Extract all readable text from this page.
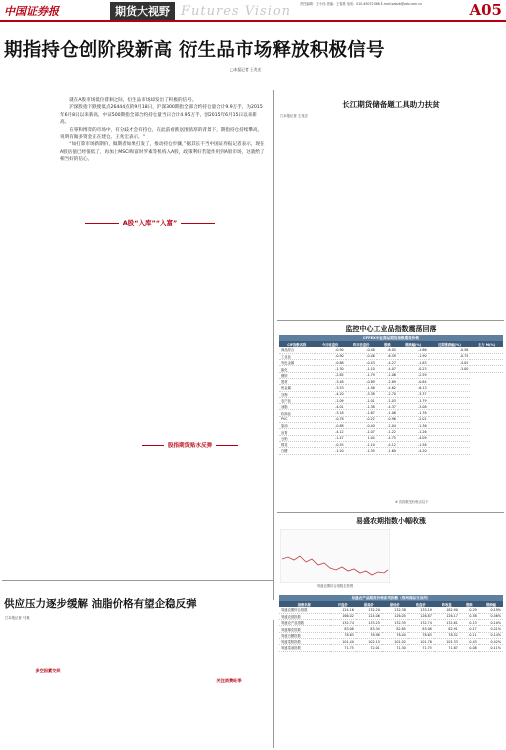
中国证券报	期货大视野 Futures Vision	责任编辑：王小伟 美编：王春燕 电话：010-63072368 E-mail:zzbzb@zzb.com.cn	A05
期指持仓创阶段新高 衍生品市场释放积极信号
□本报记者 王兆宏

就在A股市场低位徘徊之际，衍生品市场却发出了积极的信号。

沪深股指下跌使低点26444点的9月18日，沪深300期指全部合约持仓量合计9.9万手，为2015年6月8日以来新高，中证500期指全部合约持仓量当日合计4.95万手，创2015年6月15日以来新高。

在零和博弈的市场中，有分歧才会有持仓，在此前看跌氛围浓厚的背景下，期指持仓持续攀高，说明有做多资金正在建仓。王兆宏表示，“

“如打算市场新期价，做期者如果打发了，推动持仓步骤，”据其长不当中国证券报记者表示，现在A股估值已经很低了，再加上MSCI和富时罗素等机构入A股，政策利好若能作用到A股市场，这就给了相当好的信心。

A股“入库”“入富”
股指期货贴水反弹
供应压力逐步缓解 油脂价格有望企稳反弹
□本报记者 马爽
多空因素交织
关注消费旺季
长江期货储备题工具助力扶贫
□本报记者 王兆宏
监控中心工业品指数震荡回落
CFFEX中证商品期货指数期货价格
CIF指数名称	今日收盘价	昨日收盘价	涨跌	涨跌幅(%)	近期涨跌幅(%)	主力 M(%)
商品综合	-0.90	-0.48	-6.05	-1.66	-0.58	
工业品	-0.90	-0.46	-6.59	-1.90	-0.75	
有色金属	-0.68	-0.43	-4.27	-1.63	-4.05	
能化	-1.30	-1.10	-4.07	-0.23	-3.00	
钢铁	-2.65	-1.79	-1.06	-2.59		
建材	-3.48	-0.89	-2.89	-0.64		
贵金属	-3.53	-1.56	-4.62	-6.13		
谷物	-4.20	-3.38	-2.70	-3.37		
农产品	-1.09	-1.01	-1.03	-1.79		
油脂	-4.01	-1.38	-4.37	-3.08		
软商品	-3.18	-1.67	-1.06	-1.76		
PVC	-0.78	-0.22	-0.96	-2.01		
原油	-0.88	-0.40	-2.04	-1.36		
沥青	-4.12	-1.07	-1.22	-1.26		
豆粕	-1.47	1.04	-4.75	-4.09		
棉花	-0.55	-1.10	-4.12	-1.58		
白糖	-1.20	-1.35	-1.60	-4.20		
※ 各指数见价格点以下
易盛农期指数小幅收涨
易盛农期综合指数走势图
易盛农产品期货价格系列指数（郑州商品交易所）
指数名称	开盘价	最高价	最低价	收盘价	昨收盘	涨跌	涨跌幅
易盛农期综合指数	124.16	132.20	132.38	133.19	182.90	0.29	0.19%
易盛农基指数	166.02	124.06	126.05	126.87	126.17	0.58	0.46%
易盛农产品指数	132.74	133.25	132.35	132.74	132.61	0.13	0.10%
易盛棉花指数	83.08	83.34	82.85	83.08	82.91	0.17	0.21%
易盛白糖指数	78.63	78.98	78.40	78.63	78.52	0.11	0.14%
易盛菜粕指数	101.40	102.15	101.02	101.76	101.33	0.43	0.42%
易盛菜油指数	71.75	72.01	71.30	71.75	71.67	0.08	0.11%
